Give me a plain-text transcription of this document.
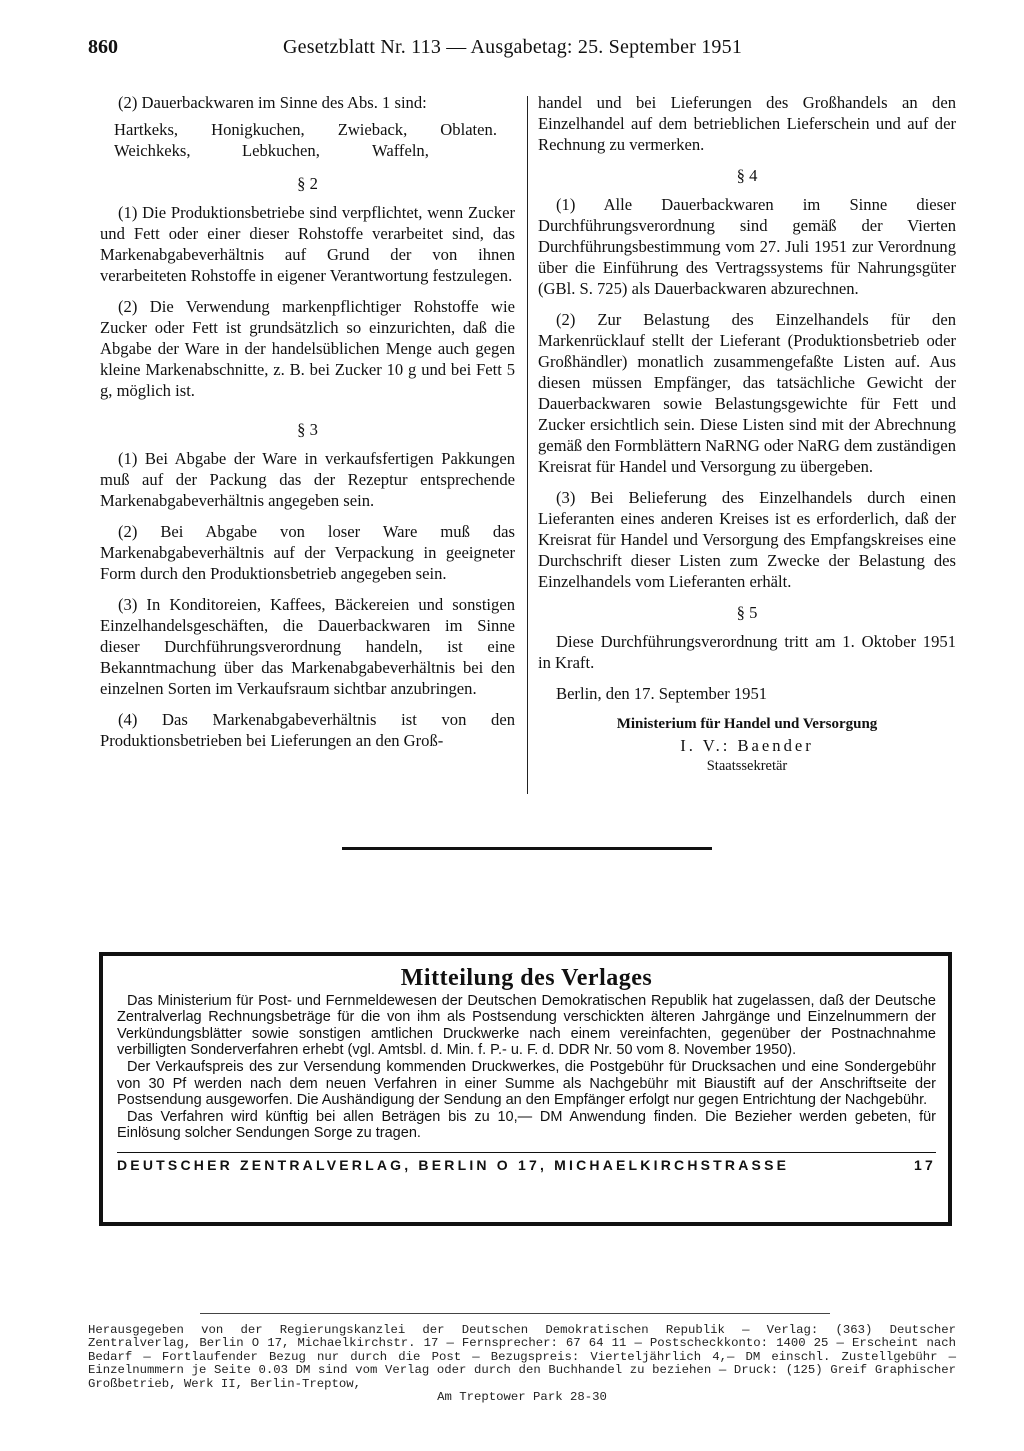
860	Gesetzblatt Nr. 113 — Ausgabetag: 25. September 1951

(2) Dauerbackwaren im Sinne des Abs. 1 sind:

Hartkeks, Honigkuchen, Zwieback, Oblaten.
Weichkeks,	Lebkuchen,	Waffeln,
§ 2

(1) Die Produktionsbetriebe sind verpflichtet, wenn Zucker und Fett oder einer dieser Rohstoffe verarbeitet sind, das Markenabgabeverhältnis auf Grund der von ihnen verarbeiteten Rohstoffe in eigener Verantwortung festzulegen.

(2) Die Verwendung markenpflichtiger Rohstoffe wie Zucker oder Fett ist grundsätzlich so einzurichten, daß die Abgabe der Ware in der handelsüblichen Menge auch gegen kleine Markenabschnitte, z. B. bei Zucker 10 g und bei Fett 5 g, möglich ist.

§ 3

(1) Bei Abgabe der Ware in verkaufsfertigen Pakkungen muß auf der Packung das der Rezeptur entsprechende Markenabgabeverhältnis angegeben sein.

(2) Bei Abgabe von loser Ware muß das Markenabgabeverhältnis auf der Verpackung in geeigneter Form durch den Produktionsbetrieb angegeben sein.

(3) In Konditoreien, Kaffees, Bäckereien und sonstigen Einzelhandelsgeschäften, die Dauerbackwaren im Sinne dieser Durchführungsverordnung handeln, ist eine Bekanntmachung über das Markenabgabeverhältnis bei den einzelnen Sorten im Verkaufsraum sichtbar anzubringen.

(4) Das Markenabgabeverhältnis ist von den Produktionsbetrieben bei Lieferungen an den Groß-

handel und bei Lieferungen des Großhandels an den Einzelhandel auf dem betrieblichen Lieferschein und auf der Rechnung zu vermerken.

§ 4

(1) Alle Dauerbackwaren im Sinne dieser Durchführungsverordnung sind gemäß der Vierten Durchführungsbestimmung vom 27. Juli 1951 zur Verordnung über die Einführung des Vertragssystems für Nahrungsgüter (GBl. S. 725) als Dauerbackwaren abzurechnen.

(2) Zur Belastung des Einzelhandels für den Markenrücklauf stellt der Lieferant (Produktionsbetrieb oder Großhändler) monatlich zusammengefaßte Listen auf. Aus diesen müssen Empfänger, das tatsächliche Gewicht der Dauerbackwaren sowie Belastungsgewichte für Fett und Zucker ersichtlich sein. Diese Listen sind mit der Abrechnung gemäß den Formblättern NaRNG oder NaRG dem zuständigen Kreisrat für Handel und Versorgung zu übergeben.

(3) Bei Belieferung des Einzelhandels durch einen Lieferanten eines anderen Kreises ist es erforderlich, daß der Kreisrat für Handel und Versorgung des Empfangskreises eine Durchschrift dieser Listen zum Zwecke der Belastung des Einzelhandels vom Lieferanten erhält.

§ 5

Diese Durchführungsverordnung tritt am 1. Oktober 1951 in Kraft.

Berlin, den 17. September 1951

Ministerium für Handel und Versorgung
I. V.: Baender
Staatssekretär
Mitteilung des Verlages

Das Ministerium für Post- und Fernmeldewesen der Deutschen Demokratischen Republik hat zugelassen, daß der Deutsche Zentralverlag Rechnungsbeträge für die von ihm als Postsendung verschickten älteren Jahrgänge und Einzelnummern der Verkündungsblätter sowie sonstigen amtlichen Druckwerke nach einem vereinfachten, gegenüber der Postnachnahme verbilligten Sonderverfahren erhebt (vgl. Amtsbl. d. Min. f. P.- u. F. d. DDR Nr. 50 vom 8. November 1950).

Der Verkaufspreis des zur Versendung kommenden Druckwerkes, die Postgebühr für Drucksachen und eine Sondergebühr von 30 Pf werden nach dem neuen Verfahren in einer Summe als Nachgebühr mit Biaustift auf der Anschriftseite der Postsendung ausgeworfen. Die Aushändigung der Sendung an den Empfänger erfolgt nur gegen Entrichtung der Nachgebühr.

Das Verfahren wird künftig bei allen Beträgen bis zu 10,— DM Anwendung finden. Die Bezieher werden gebeten, für Einlösung solcher Sendungen Sorge zu tragen.

DEUTSCHER ZENTRALVERLAG, BERLIN O 17, MICHAELKIRCHSTRASSE	17
Herausgegeben von der Regierungskanzlei der Deutschen Demokratischen Republik — Verlag: (363) Deutscher Zentralverlag, Berlin O 17, Michaelkirchstr. 17 — Fernsprecher: 67 64 11 — Postscheckkonto: 1400 25 — Erscheint nach Bedarf — Fortlaufender Bezug nur durch die Post — Bezugspreis: Vierteljährlich 4,— DM einschl. Zustellgebühr — Einzelnummern je Seite 0.03 DM sind vom Verlag oder durch den Buchhandel zu beziehen — Druck: (125) Greif Graphischer Großbetrieb, Werk II, Berlin-Treptow,
Am Treptower Park 28-30
